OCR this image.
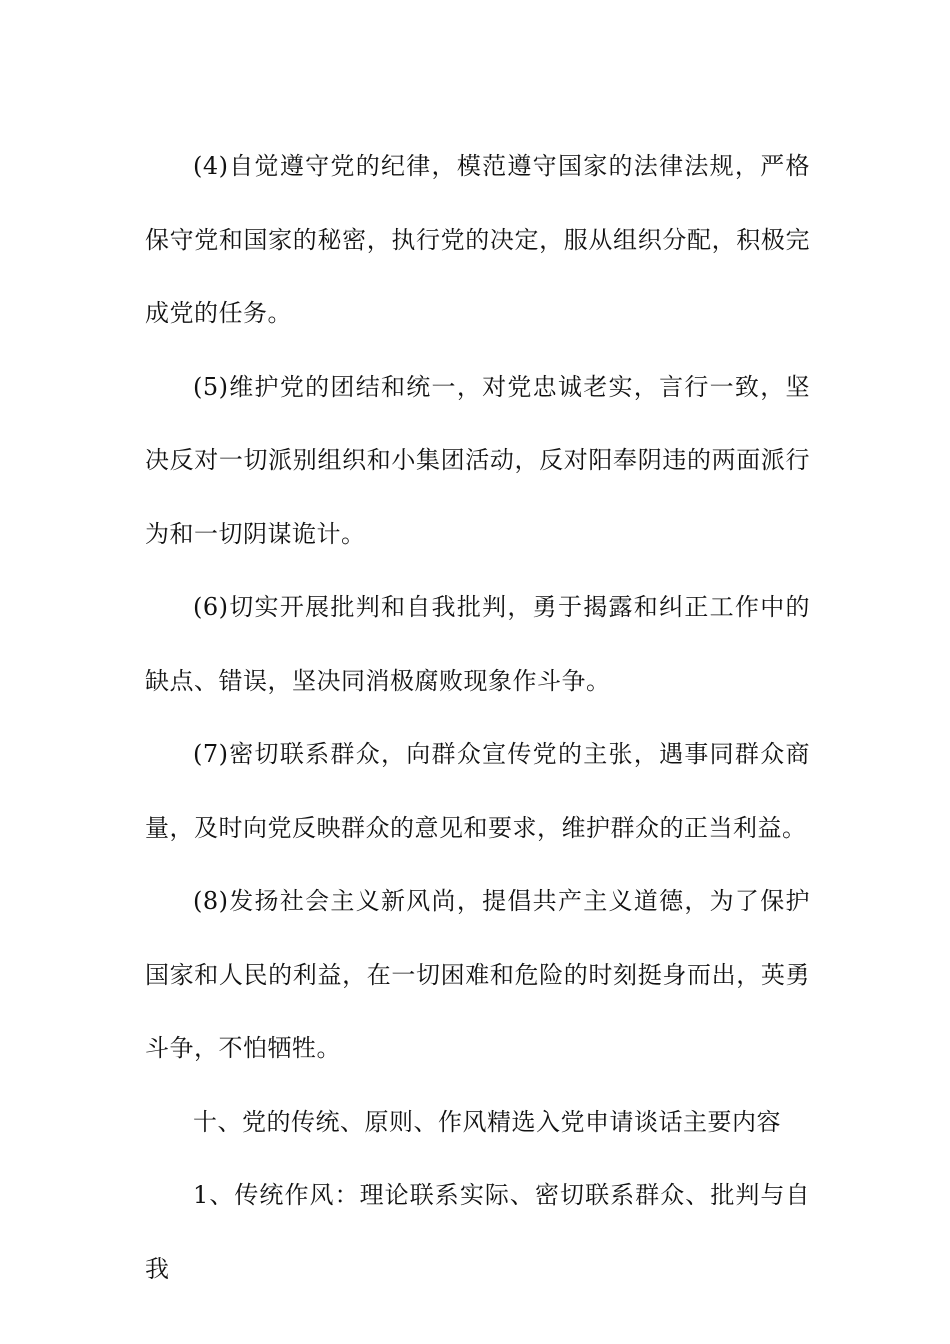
(4)自觉遵守党的纪律，模范遵守国家的法律法规，严格保守党和国家的秘密，执行党的决定，服从组织分配，积极完成党的任务。

(5)维护党的团结和统一，对党忠诚老实，言行一致，坚决反对一切派别组织和小集团活动，反对阳奉阴违的两面派行为和一切阴谋诡计。

(6)切实开展批判和自我批判，勇于揭露和纠正工作中的缺点、错误，坚决同消极腐败现象作斗争。

(7)密切联系群众，向群众宣传党的主张，遇事同群众商量，及时向党反映群众的意见和要求，维护群众的正当利益。

(8)发扬社会主义新风尚，提倡共产主义道德，为了保护国家和人民的利益，在一切困难和危险的时刻挺身而出，英勇斗争，不怕牺牲。

十、党的传统、原则、作风精选入党申请谈话主要内容

1、传统作风：理论联系实际、密切联系群众、批判与自我
